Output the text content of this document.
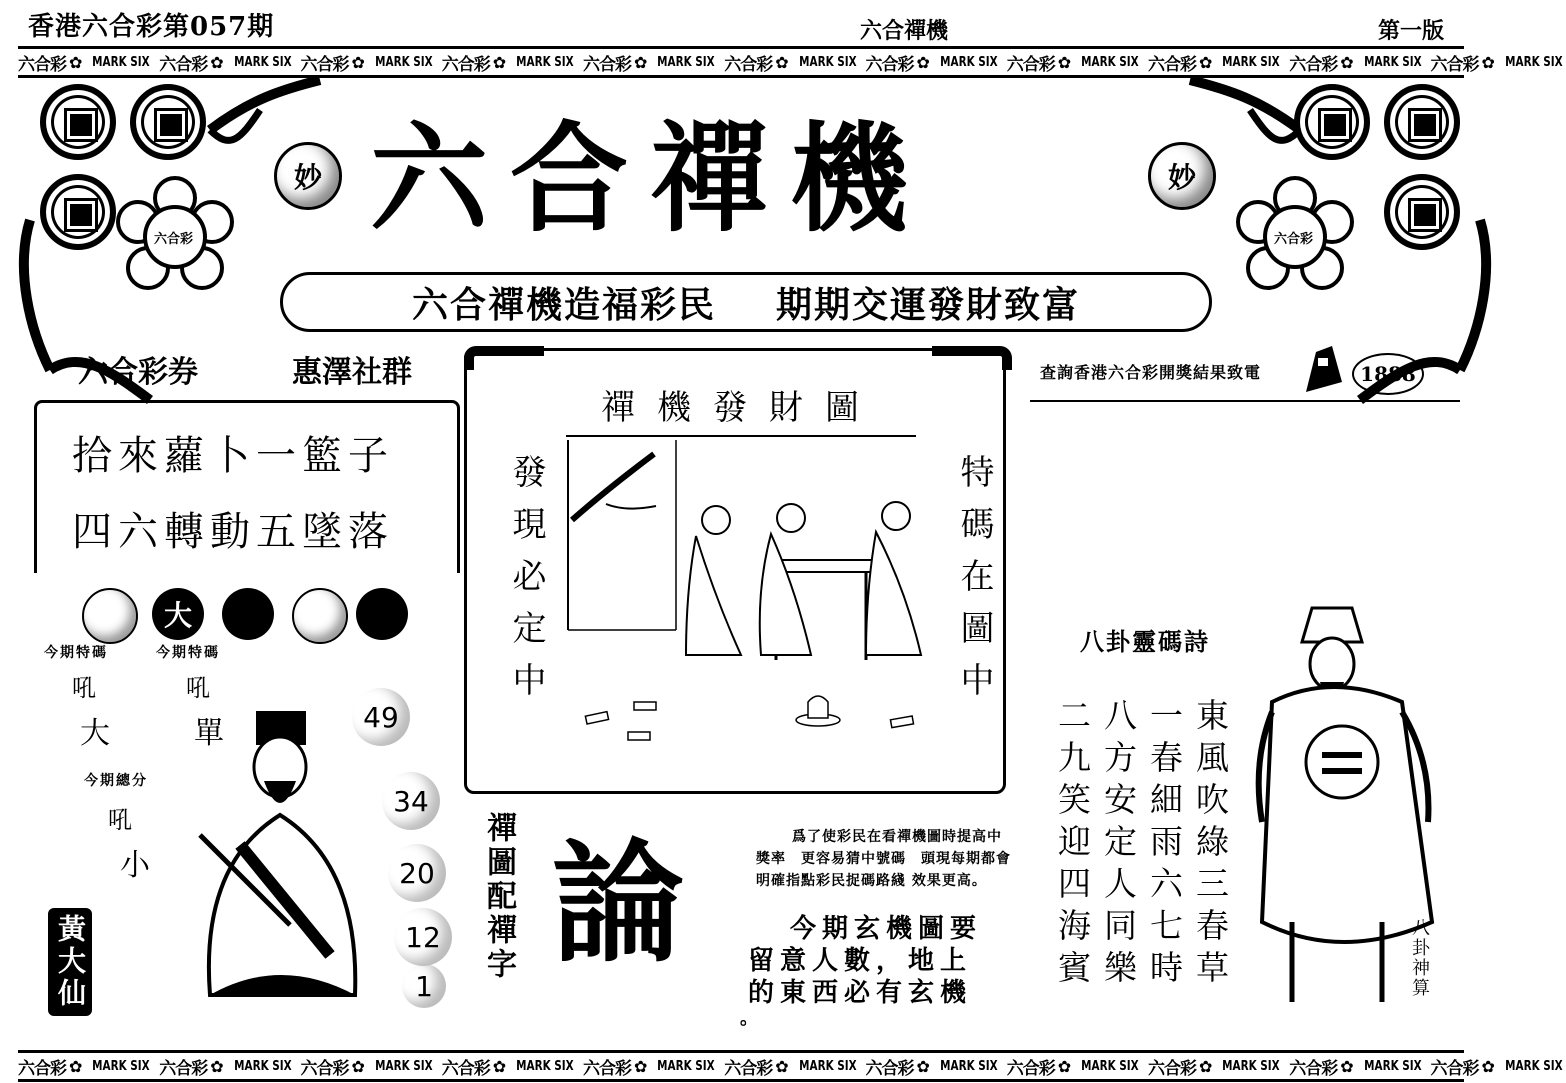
香港六合彩第057期	六合禪機	第一版
六合彩 ✿ MARK SIX 六合彩 ✿ MARK SIX 六合彩 ✿ MARK SIX 六合彩 ✿ MARK SIX 六合彩 ✿ MARK SIX 六合彩 ✿ MARK SIX 六合彩 ✿ MARK SIX 六合彩 ✿ MARK SIX 六合彩 ✿ MARK SIX 六合彩 ✿ MARK SIX 六合彩 ✿ MARK SIX
六合彩	六合彩
妙	妙
六合禪機
六合禪機造福彩民 期期交運發財致富
六合彩券	惠澤社群
拾來蘿卜一籃子
四六轉動五墜落
大
今期特碼	今期特碼
吼	吼
大	單
今期總分
吼
小
49
34
20
12
1
黃大仙
禪機發財圖
發現必定中	特碼在圖中
禪圖配禪字 論	爲了使彩民在看禪機圖時提高中
獎率　更容易猜中號碼　頭現每期都會
明確指點彩民捉碼路綫 效果更高。
今期玄機圖要
留意人數，地上
的東西必有玄機
。
查詢香港六合彩開獎結果致電	1888
八卦靈碼詩
東風吹綠三春草
一春細雨六七時
八方安定人同樂
二九笑迎四海賓	八卦神算
六合彩 ✿ MARK SIX 六合彩 ✿ MARK SIX 六合彩 ✿ MARK SIX 六合彩 ✿ MARK SIX 六合彩 ✿ MARK SIX 六合彩 ✿ MARK SIX 六合彩 ✿ MARK SIX 六合彩 ✿ MARK SIX 六合彩 ✿ MARK SIX 六合彩 ✿ MARK SIX 六合彩 ✿ MARK SIX
